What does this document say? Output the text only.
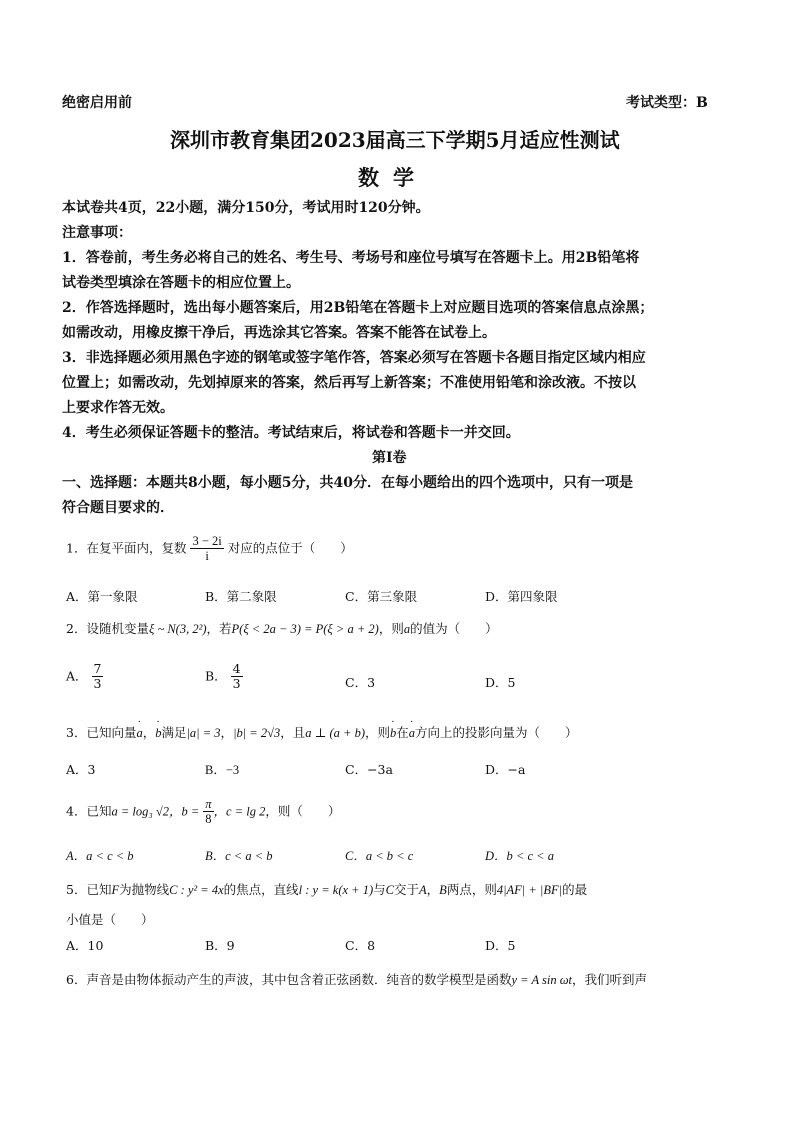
绝密启用前	考试类型：B
深圳市教育集团2023届高三下学期5月适应性测试
数学
本试卷共4页，22小题，满分150分，考试用时120分钟。
注意事项：
1．答卷前，考生务必将自己的姓名、考生号、考场号和座位号填写在答题卡上。用2B铅笔将
试卷类型填涂在答题卡的相应位置上。
2．作答选择题时，选出每小题答案后，用2B铅笔在答题卡上对应题目选项的答案信息点涂黑；
如需改动，用橡皮擦干净后，再选涂其它答案。答案不能答在试卷上。
3．非选择题必须用黑色字迹的钢笔或签字笔作答，答案必须写在答题卡各题目指定区域内相应
位置上；如需改动，先划掉原来的答案，然后再写上新答案；不准使用铅笔和涂改液。不按以
上要求作答无效。
4．考生必须保证答题卡的整洁。考试结束后，将试卷和答题卡一并交回。
第Ⅰ卷
一、选择题：本题共8小题，每小题5分，共40分．在每小题给出的四个选项中，只有一项是
符合题目要求的．
1．在复平面内，复数 $\frac{3 - 2i}{i}$ 对应的点位于（　　）
A．第一象限	B．第二象限	C．第三象限	D．第四象限
2．设随机变量ξ ~ N(3, 2²)，若P(ξ < 2a − 3) = P(ξ > a + 2)，则a的值为（　　）
A． $\frac{7}{3}$	B． $\frac{4}{3}$	C．3	D．5
3．已知向量· a，· b满足|a| = 3，|b| = 2√3，且a ⊥ (a + b)，则· b在· a方向上的投影向量为（　　）
A．3	B．−3	C．−3a	D．−a
4．已知a = log₃ √2，$b = \frac{\pi}{8}$ ，c = lg 2，则（　　）
A．a < c < b	B．c < a < b	C．a < b < c	D．b < c < a
5．已知F为抛物线C : y² = 4x的焦点，直线l : y = k(x + 1)与C交于A，B两点，则4|AF| + |BF|的最
小值是（　　）
A．10	B．9	C．8	D．5
6．声音是由物体振动产生的声波，其中包含着正弦函数．纯音的数学模型是函数y = A sin ωt，我们听到声
